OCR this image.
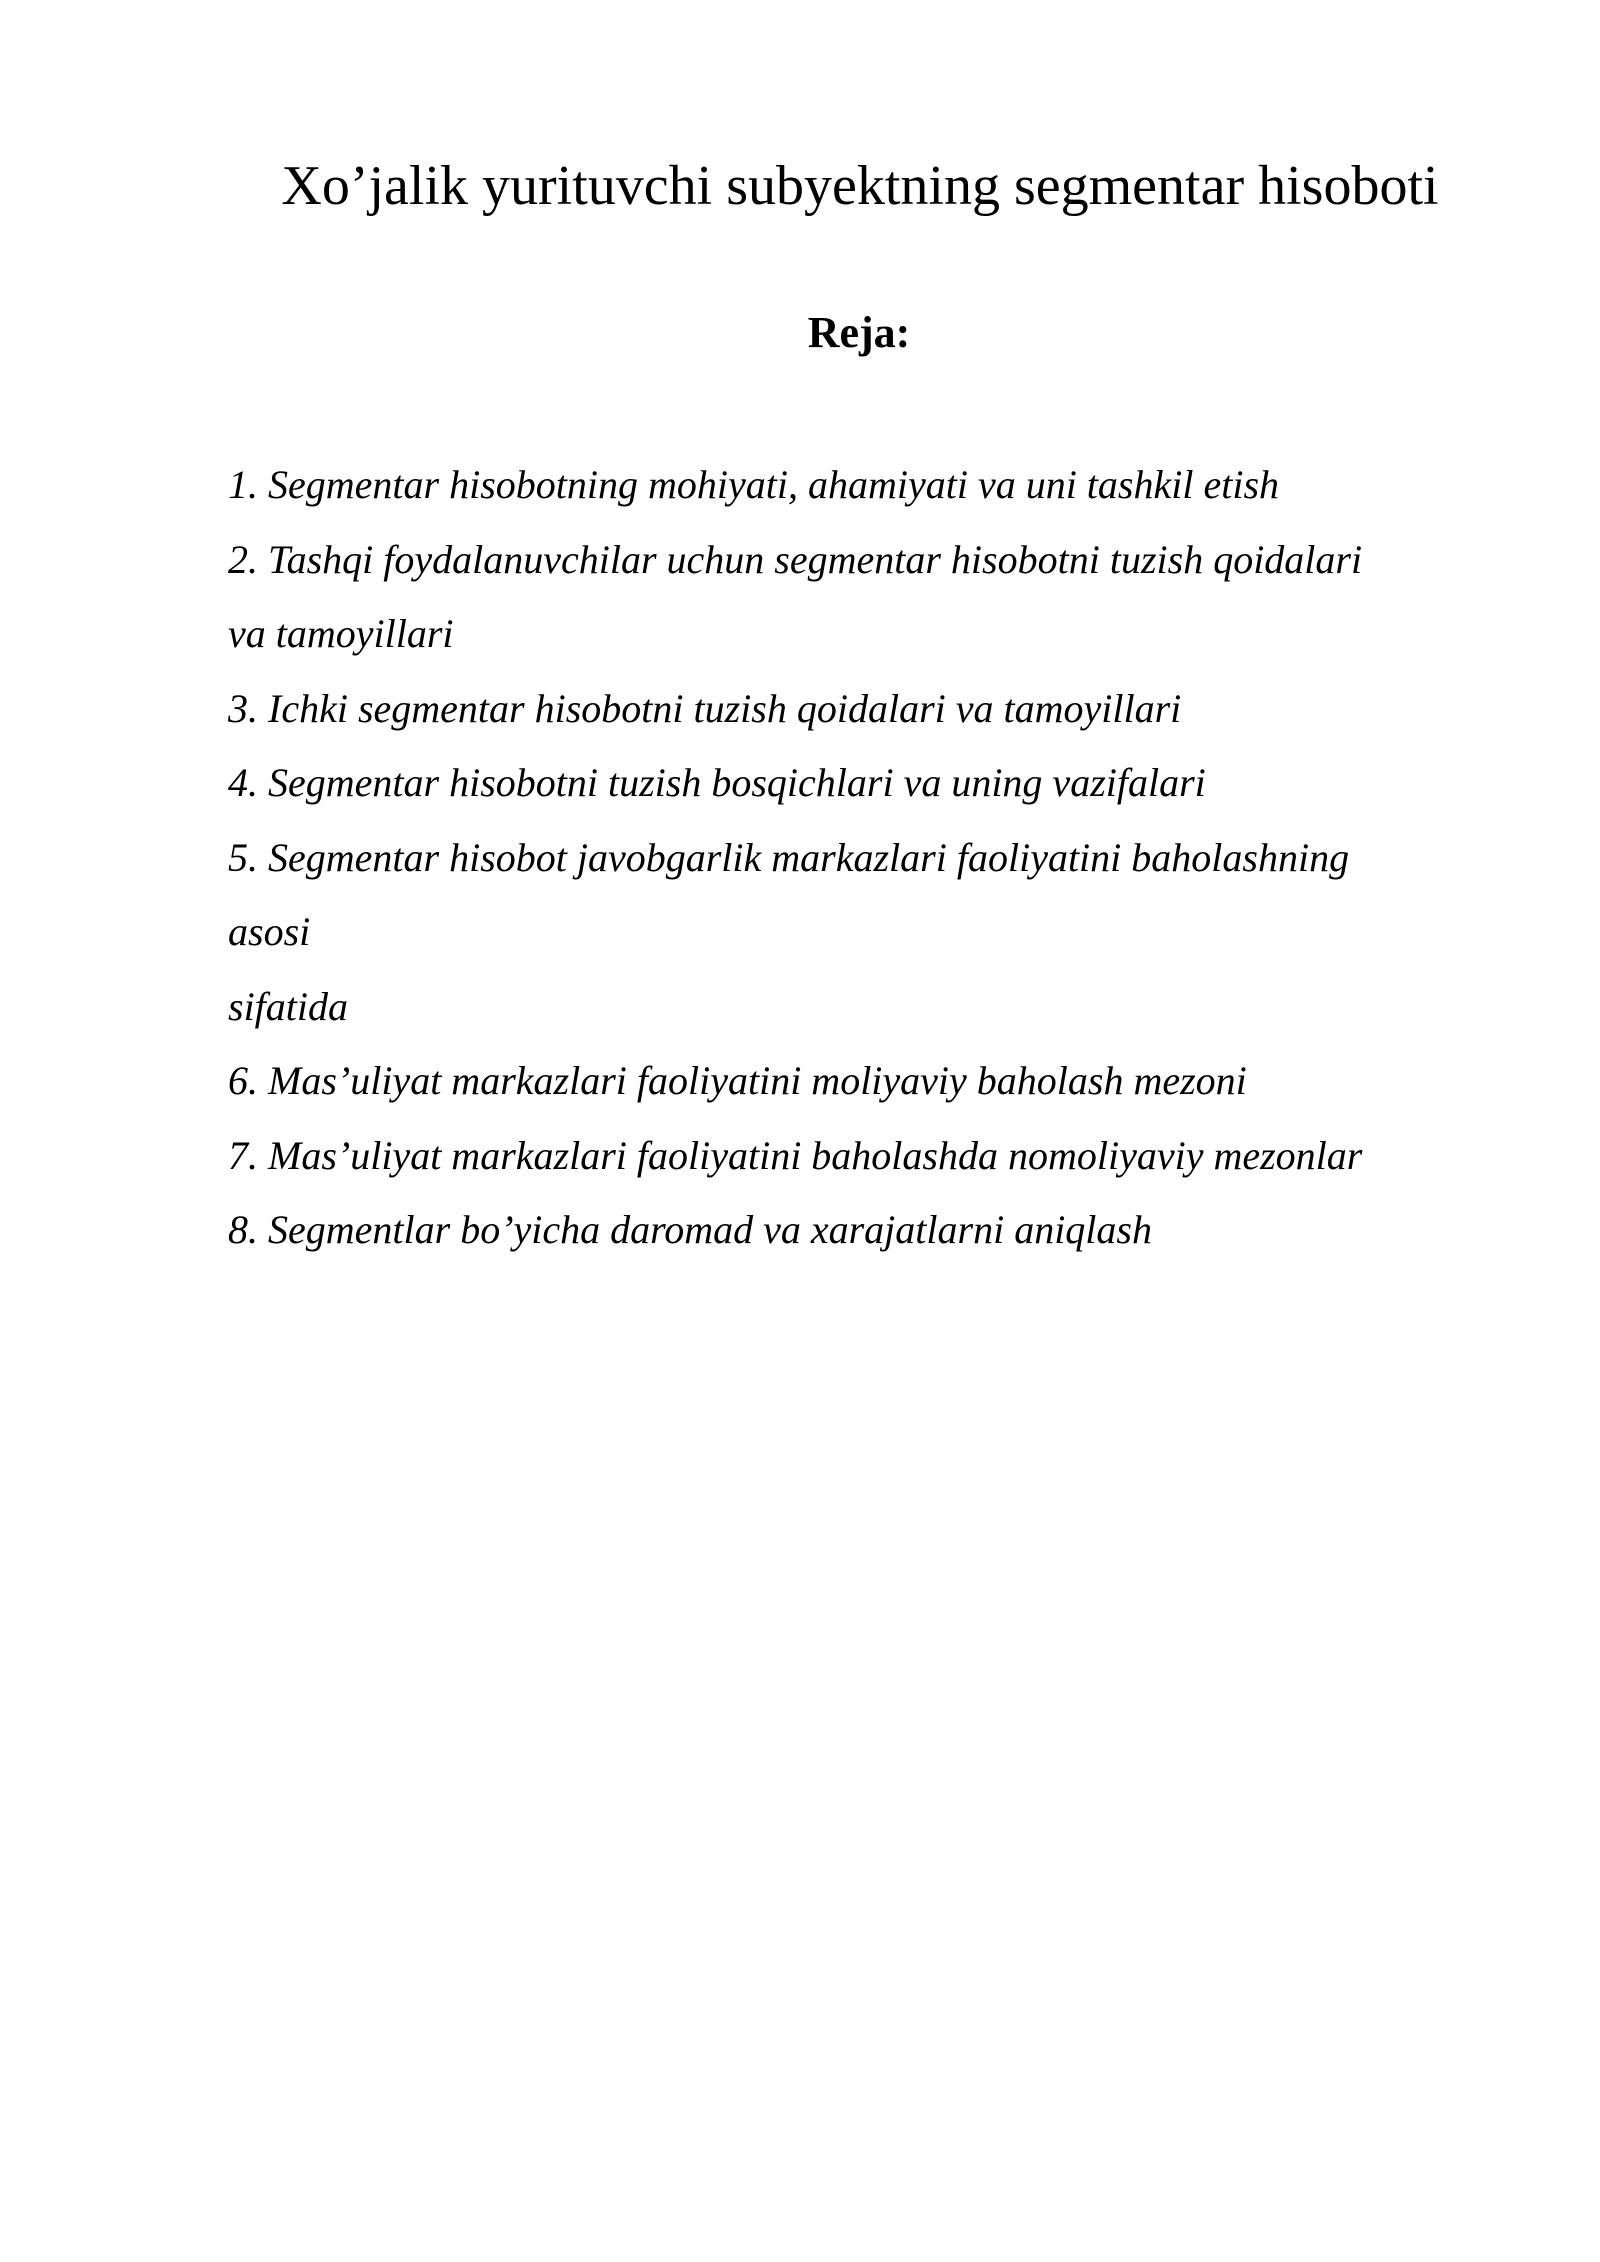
Xo’jalik yurituvchi subyektning segmentar hisoboti
Reja:
1. Segmentar hisobotning mohiyati, ahamiyati va uni tashkil etish
2. Tashqi foydalanuvchilar uchun segmentar hisobotni tuzish qoidalari
va tamoyillari
3. Ichki segmentar hisobotni tuzish qoidalari va tamoyillari
4. Segmentar hisobotni tuzish bosqichlari va uning vazifalari
5. Segmentar hisobot javobgarlik markazlari faoliyatini baholashning
asosi
sifatida
6. Mas’uliyat markazlari faoliyatini moliyaviy baholash mezoni
7. Mas’uliyat markazlari faoliyatini baholashda nomoliyaviy mezonlar
8. Segmentlar bo’yicha daromad va xarajatlarni aniqlash
